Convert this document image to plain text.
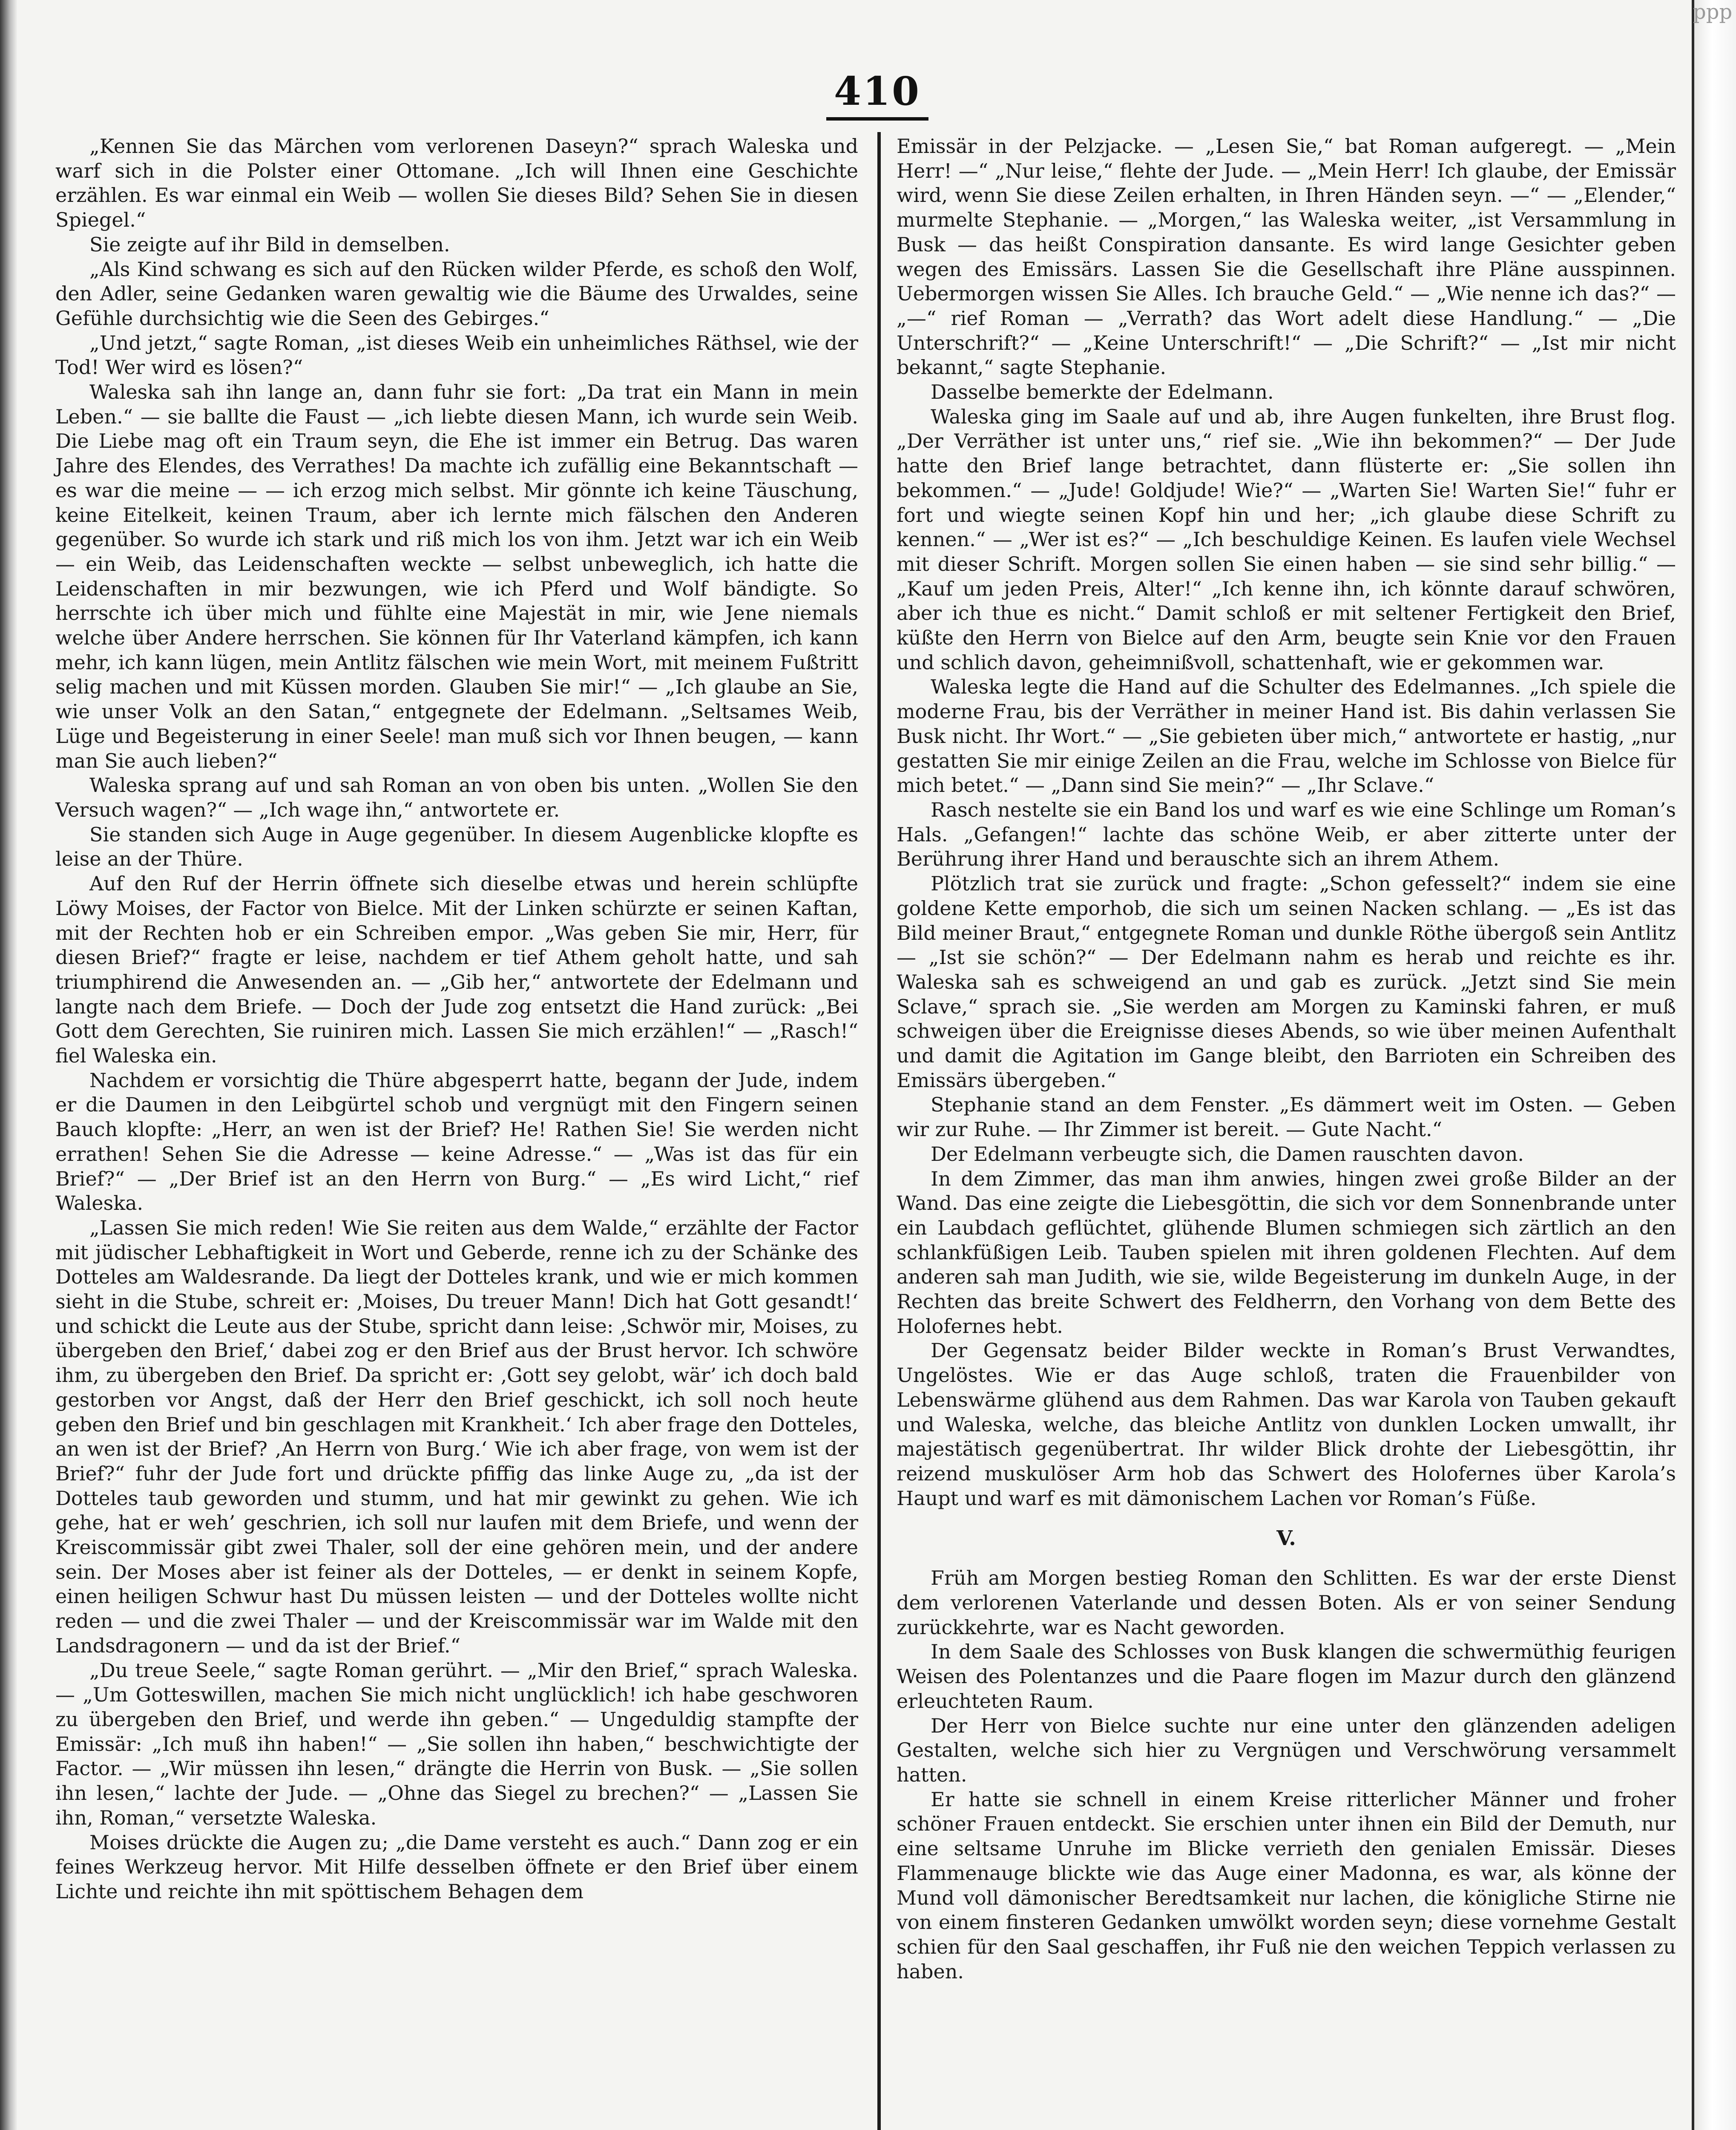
ppp
410

„Kennen Sie das Märchen vom verlorenen Daseyn?“ sprach Waleska und warf sich in die Polster einer Ottomane. „Ich will Ihnen eine Geschichte erzählen. Es war einmal ein Weib — wollen Sie dieses Bild? Sehen Sie in diesen Spiegel.“

Sie zeigte auf ihr Bild in demselben.

„Als Kind schwang es sich auf den Rücken wilder Pferde, es schoß den Wolf, den Adler, seine Gedanken waren gewaltig wie die Bäume des Urwaldes, seine Gefühle durchsichtig wie die Seen des Gebirges.“

„Und jetzt,“ sagte Roman, „ist dieses Weib ein unheimliches Räthsel, wie der Tod! Wer wird es lösen?“

Waleska sah ihn lange an, dann fuhr sie fort: „Da trat ein Mann in mein Leben.“ — sie ballte die Faust — „ich liebte diesen Mann, ich wurde sein Weib. Die Liebe mag oft ein Traum seyn, die Ehe ist immer ein Betrug. Das waren Jahre des Elendes, des Verrathes! Da machte ich zufällig eine Bekanntschaft — es war die meine — — ich erzog mich selbst. Mir gönnte ich keine Täuschung, keine Eitelkeit, keinen Traum, aber ich lernte mich fälschen den Anderen gegenüber. So wurde ich stark und riß mich los von ihm. Jetzt war ich ein Weib — ein Weib, das Leidenschaften weckte — selbst unbeweglich, ich hatte die Leidenschaften in mir bezwungen, wie ich Pferd und Wolf bändigte. So herrschte ich über mich und fühlte eine Majestät in mir, wie Jene niemals welche über Andere herrschen. Sie können für Ihr Vaterland kämpfen, ich kann mehr, ich kann lügen, mein Antlitz fälschen wie mein Wort, mit meinem Fußtritt selig machen und mit Küssen morden. Glauben Sie mir!“ — „Ich glaube an Sie, wie unser Volk an den Satan,“ entgegnete der Edelmann. „Seltsames Weib, Lüge und Begeisterung in einer Seele! man muß sich vor Ihnen beugen, — kann man Sie auch lieben?“

Waleska sprang auf und sah Roman an von oben bis unten. „Wollen Sie den Versuch wagen?“ — „Ich wage ihn,“ antwortete er.

Sie standen sich Auge in Auge gegenüber. In diesem Augenblicke klopfte es leise an der Thüre.

Auf den Ruf der Herrin öffnete sich dieselbe etwas und herein schlüpfte Löwy Moises, der Factor von Bielce. Mit der Linken schürzte er seinen Kaftan, mit der Rechten hob er ein Schreiben empor. „Was geben Sie mir, Herr, für diesen Brief?“ fragte er leise, nachdem er tief Athem geholt hatte, und sah triumphirend die Anwesenden an. — „Gib her,“ antwortete der Edelmann und langte nach dem Briefe. — Doch der Jude zog entsetzt die Hand zurück: „Bei Gott dem Gerechten, Sie ruiniren mich. Lassen Sie mich erzählen!“ — „Rasch!“ fiel Waleska ein.

Nachdem er vorsichtig die Thüre abgesperrt hatte, begann der Jude, indem er die Daumen in den Leibgürtel schob und vergnügt mit den Fingern seinen Bauch klopfte: „Herr, an wen ist der Brief? He! Rathen Sie! Sie werden nicht errathen! Sehen Sie die Adresse — keine Adresse.“ — „Was ist das für ein Brief?“ — „Der Brief ist an den Herrn von Burg.“ — „Es wird Licht,“ rief Waleska.

„Lassen Sie mich reden! Wie Sie reiten aus dem Walde,“ erzählte der Factor mit jüdischer Lebhaftigkeit in Wort und Geberde, renne ich zu der Schänke des Dotteles am Waldesrande. Da liegt der Dotteles krank, und wie er mich kommen sieht in die Stube, schreit er: ‚Moises, Du treuer Mann! Dich hat Gott gesandt!‘ und schickt die Leute aus der Stube, spricht dann leise: ‚Schwör mir, Moises, zu übergeben den Brief,‘ dabei zog er den Brief aus der Brust hervor. Ich schwöre ihm, zu übergeben den Brief. Da spricht er: ‚Gott sey gelobt, wär’ ich doch bald gestorben vor Angst, daß der Herr den Brief geschickt, ich soll noch heute geben den Brief und bin geschlagen mit Krankheit.‘ Ich aber frage den Dotteles, an wen ist der Brief? ‚An Herrn von Burg.‘ Wie ich aber frage, von wem ist der Brief?“ fuhr der Jude fort und drückte pfiffig das linke Auge zu, „da ist der Dotteles taub geworden und stumm, und hat mir gewinkt zu gehen. Wie ich gehe, hat er weh’ geschrien, ich soll nur laufen mit dem Briefe, und wenn der Kreiscommissär gibt zwei Thaler, soll der eine gehören mein, und der andere sein. Der Moses aber ist feiner als der Dotteles, — er denkt in seinem Kopfe, einen heiligen Schwur hast Du müssen leisten — und der Dotteles wollte nicht reden — und die zwei Thaler — und der Kreiscommissär war im Walde mit den Landsdragonern — und da ist der Brief.“

„Du treue Seele,“ sagte Roman gerührt. — „Mir den Brief,“ sprach Waleska. — „Um Gotteswillen, machen Sie mich nicht unglücklich! ich habe geschworen zu übergeben den Brief, und werde ihn geben.“ — Ungeduldig stampfte der Emissär: „Ich muß ihn haben!“ — „Sie sollen ihn haben,“ beschwichtigte der Factor. — „Wir müssen ihn lesen,“ drängte die Herrin von Busk. — „Sie sollen ihn lesen,“ lachte der Jude. — „Ohne das Siegel zu brechen?“ — „Lassen Sie ihn, Roman,“ versetzte Waleska.

Moises drückte die Augen zu; „die Dame versteht es auch.“ Dann zog er ein feines Werkzeug hervor. Mit Hilfe desselben öffnete er den Brief über einem Lichte und reichte ihn mit spöttischem Behagen dem

Emissär in der Pelzjacke. — „Lesen Sie,“ bat Roman aufgeregt. — „Mein Herr! —“ „Nur leise,“ flehte der Jude. — „Mein Herr! Ich glaube, der Emissär wird, wenn Sie diese Zeilen erhalten, in Ihren Händen seyn. —“ — „Elender,“ murmelte Stephanie. — „Morgen,“ las Waleska weiter, „ist Versammlung in Busk — das heißt Conspiration dansante. Es wird lange Gesichter geben wegen des Emissärs. Lassen Sie die Gesellschaft ihre Pläne ausspinnen. Uebermorgen wissen Sie Alles. Ich brauche Geld.“ — „Wie nenne ich das?“ — „—“ rief Roman — „Verrath? das Wort adelt diese Handlung.“ — „Die Unterschrift?“ — „Keine Unterschrift!“ — „Die Schrift?“ — „Ist mir nicht bekannt,“ sagte Stephanie.

Dasselbe bemerkte der Edelmann.

Waleska ging im Saale auf und ab, ihre Augen funkelten, ihre Brust flog. „Der Verräther ist unter uns,“ rief sie. „Wie ihn bekommen?“ — Der Jude hatte den Brief lange betrachtet, dann flüsterte er: „Sie sollen ihn bekommen.“ — „Jude! Goldjude! Wie?“ — „Warten Sie! Warten Sie!“ fuhr er fort und wiegte seinen Kopf hin und her; „ich glaube diese Schrift zu kennen.“ — „Wer ist es?“ — „Ich beschuldige Keinen. Es laufen viele Wechsel mit dieser Schrift. Morgen sollen Sie einen haben — sie sind sehr billig.“ — „Kauf um jeden Preis, Alter!“ „Ich kenne ihn, ich könnte darauf schwören, aber ich thue es nicht.“ Damit schloß er mit seltener Fertigkeit den Brief, küßte den Herrn von Bielce auf den Arm, beugte sein Knie vor den Frauen und schlich davon, geheimnißvoll, schattenhaft, wie er gekommen war.

Waleska legte die Hand auf die Schulter des Edelmannes. „Ich spiele die moderne Frau, bis der Verräther in meiner Hand ist. Bis dahin verlassen Sie Busk nicht. Ihr Wort.“ — „Sie gebieten über mich,“ antwortete er hastig, „nur gestatten Sie mir einige Zeilen an die Frau, welche im Schlosse von Bielce für mich betet.“ — „Dann sind Sie mein?“ — „Ihr Sclave.“

Rasch nestelte sie ein Band los und warf es wie eine Schlinge um Roman’s Hals. „Gefangen!“ lachte das schöne Weib, er aber zitterte unter der Berührung ihrer Hand und berauschte sich an ihrem Athem.

Plötzlich trat sie zurück und fragte: „Schon gefesselt?“ indem sie eine goldene Kette emporhob, die sich um seinen Nacken schlang. — „Es ist das Bild meiner Braut,“ entgegnete Roman und dunkle Röthe übergoß sein Antlitz — „Ist sie schön?“ — Der Edelmann nahm es herab und reichte es ihr. Waleska sah es schweigend an und gab es zurück. „Jetzt sind Sie mein Sclave,“ sprach sie. „Sie werden am Morgen zu Kaminski fahren, er muß schweigen über die Ereignisse dieses Abends, so wie über meinen Aufenthalt und damit die Agitation im Gange bleibt, den Barrioten ein Schreiben des Emissärs übergeben.“

Stephanie stand an dem Fenster. „Es dämmert weit im Osten. — Geben wir zur Ruhe. — Ihr Zimmer ist bereit. — Gute Nacht.“

Der Edelmann verbeugte sich, die Damen rauschten davon.

In dem Zimmer, das man ihm anwies, hingen zwei große Bilder an der Wand. Das eine zeigte die Liebesgöttin, die sich vor dem Sonnenbrande unter ein Laubdach geflüchtet, glühende Blumen schmiegen sich zärtlich an den schlankfüßigen Leib. Tauben spielen mit ihren goldenen Flechten. Auf dem anderen sah man Judith, wie sie, wilde Begeisterung im dunkeln Auge, in der Rechten das breite Schwert des Feldherrn, den Vorhang von dem Bette des Holofernes hebt.

Der Gegensatz beider Bilder weckte in Roman’s Brust Verwandtes, Ungelöstes. Wie er das Auge schloß, traten die Frauenbilder von Lebenswärme glühend aus dem Rahmen. Das war Karola von Tauben gekauft und Waleska, welche, das bleiche Antlitz von dunklen Locken umwallt, ihr majestätisch gegenübertrat. Ihr wilder Blick drohte der Liebesgöttin, ihr reizend muskulöser Arm hob das Schwert des Holofernes über Karola’s Haupt und warf es mit dämonischem Lachen vor Roman’s Füße.

V.

Früh am Morgen bestieg Roman den Schlitten. Es war der erste Dienst dem verlorenen Vaterlande und dessen Boten. Als er von seiner Sendung zurückkehrte, war es Nacht geworden.

In dem Saale des Schlosses von Busk klangen die schwermüthig feurigen Weisen des Polentanzes und die Paare flogen im Mazur durch den glänzend erleuchteten Raum.

Der Herr von Bielce suchte nur eine unter den glänzenden adeligen Gestalten, welche sich hier zu Vergnügen und Verschwörung versammelt hatten.

Er hatte sie schnell in einem Kreise ritterlicher Männer und froher schöner Frauen entdeckt. Sie erschien unter ihnen ein Bild der Demuth, nur eine seltsame Unruhe im Blicke verrieth den genialen Emissär. Dieses Flammenauge blickte wie das Auge einer Madonna, es war, als könne der Mund voll dämonischer Beredtsamkeit nur lachen, die königliche Stirne nie von einem finsteren Gedanken umwölkt worden seyn; diese vornehme Gestalt schien für den Saal geschaffen, ihr Fuß nie den weichen Teppich verlassen zu haben.
